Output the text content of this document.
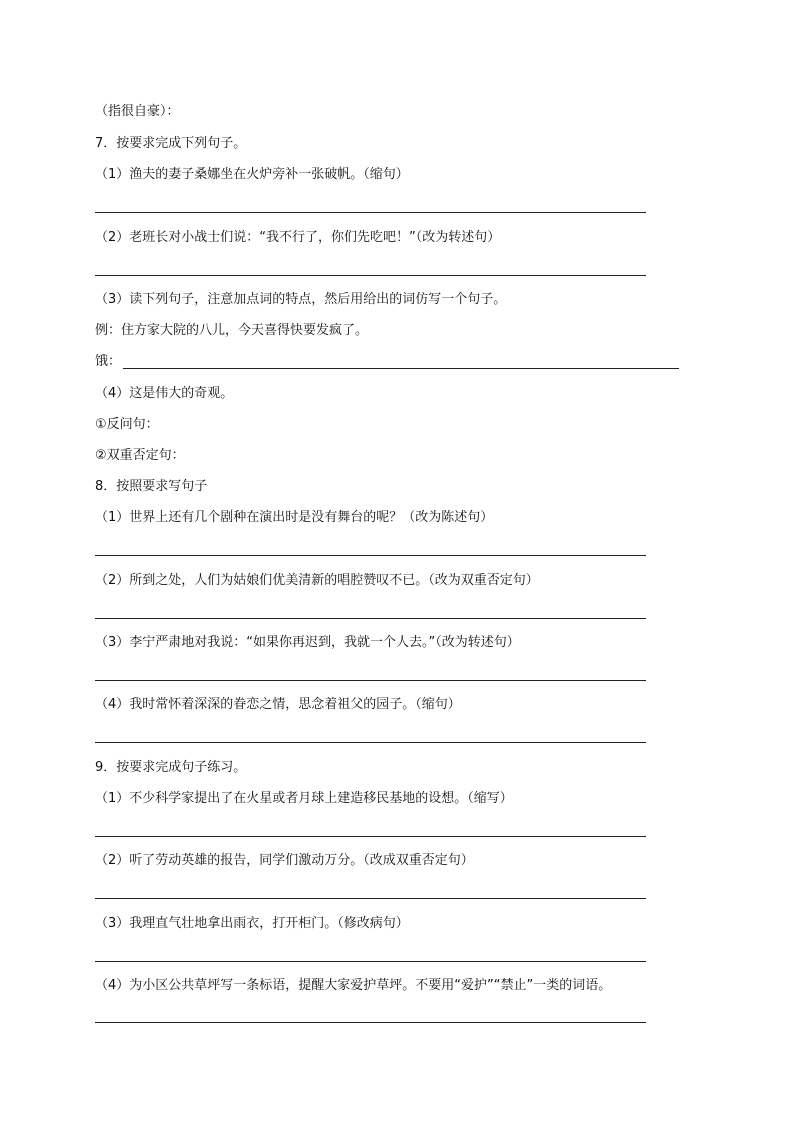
（指很自豪）：
7．按要求完成下列句子。
（1）渔夫的妻子桑娜坐在火炉旁补一张破帆。（缩句）
（2）老班长对小战士们说：“我不行了，你们先吃吧！”（改为转述句）
（3）读下列句子，注意加点词的特点，然后用给出的词仿写一个句子。
例：住方家大院的八儿，今天喜得快要发疯了。
饿：
（4）这是伟大的奇观。
①反问句：
②双重否定句：
8．按照要求写句子
（1）世界上还有几个剧种在演出时是没有舞台的呢？（改为陈述句）
（2）所到之处，人们为姑娘们优美清新的唱腔赞叹不已。（改为双重否定句）
（3）李宁严肃地对我说：“如果你再迟到，我就一个人去。”（改为转述句）
（4）我时常怀着深深的眷恋之情，思念着祖父的园子。（缩句）
9．按要求完成句子练习。
（1）不少科学家提出了在火星或者月球上建造移民基地的设想。（缩写）
（2）听了劳动英雄的报告，同学们激动万分。（改成双重否定句）
（3）我理直气壮地拿出雨衣，打开柜门。（修改病句）
（4）为小区公共草坪写一条标语，提醒大家爱护草坪。不要用“爱护”“禁止”一类的词语。
